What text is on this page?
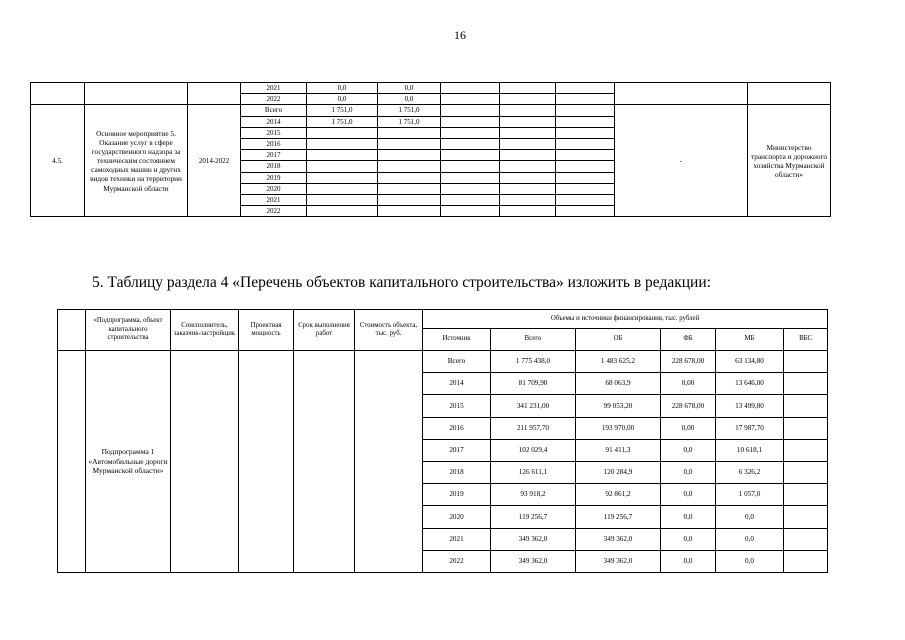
16
			2021	0,0	0,0					
			2022	0,0	0,0					
4.5.	Основное мероприятие 5. Оказание услуг в сфере государственного надзора за техническим состоянием самоходных машин и других видов техники на территории Мурманской области	2014-2022	Всего	1 751,0	1 751,0				-	Министерство транспорта и дорожного хозяйства Мурманской области»
			2014	1 751,0	1 751,0					
			2015							
			2016							
			2017							
			2018							
			2019							
			2020							
			2021							
			2022							
5. Таблицу раздела 4 «Перечень объектов капитального строительства» изложить в редакции:
	«Подпрограмма, объект капитального строительства	Соисполнитель, заказчик-застройщик	Проектная мощность	Срок выполнения работ	Стоимость объекта, тыс. руб.	Объемы и источники финансирования, тыс. рублей					
						Источник	Всего	ОБ	ФБ	МБ	ВБС
	Подпрограмма 1 «Автомобильные дороги Мурманской области»					Всего	1 775 438,0	1 483 625,2	228 678,00	63 134,80	
						2014	81 709,90	68 063,9	0,00	13 646,00	
						2015	341 231,00	99 053,20	228 678,00	13 499,80	
						2016	211 957,70	193 970,00	0,00	17 987,70	
						2017	102 029,4	91 411,3	0,0	10 618,1	
						2018	126 611,1	120 284,9	0,0	6 326,2	
						2019	93 918,2	92 861,2	0,0	1 057,0	
						2020	119 256,7	119 256,7	0,0	0,0	
						2021	349 362,0	349 362,0	0,0	0,0	
						2022	349 362,0	349 362,0	0,0	0,0	
